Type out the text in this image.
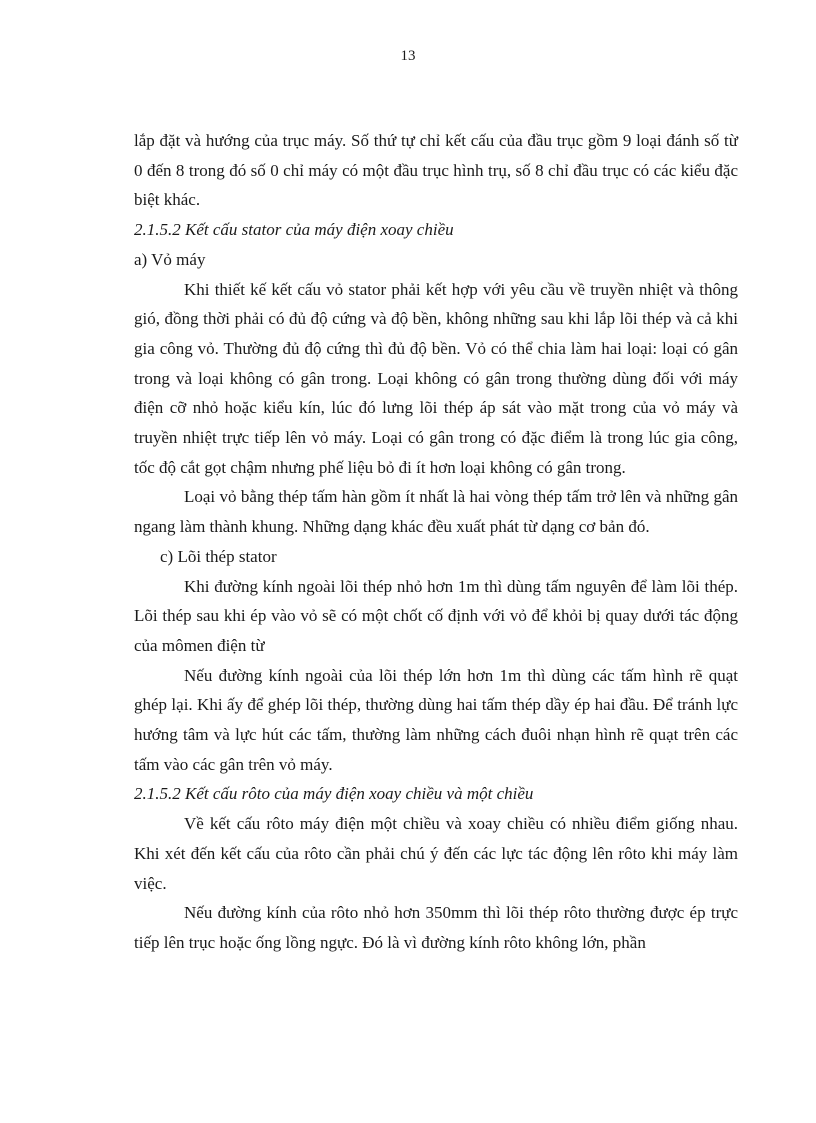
13

lắp đặt và hướng của trục máy. Số thứ tự chỉ kết cấu của đầu trục gồm 9 loại đánh số từ 0 đến 8 trong đó số 0 chỉ máy có một đầu trục hình trụ, số 8 chỉ đầu trục có các kiểu đặc biệt khác.

2.1.5.2 Kết cấu stator của máy điện xoay chiều

a) Vỏ máy

Khi thiết kế kết cấu vỏ stator phải kết hợp với yêu cầu về truyền nhiệt và thông gió, đồng thời phải có đủ độ cứng và độ bền, không những sau khi lắp lõi thép và cả khi gia công vỏ. Thường đủ độ cứng thì đủ độ bền. Vỏ có thể chia làm hai loại: loại có gân trong và loại không có gân trong. Loại không có gân trong thường dùng đối với máy điện cỡ nhỏ hoặc kiểu kín, lúc đó lưng lõi thép áp sát vào mặt trong của vỏ máy và truyền nhiệt trực tiếp lên vỏ máy. Loại có gân trong có đặc điểm là trong lúc gia công, tốc độ cắt gọt chậm nhưng phế liệu bỏ đi ít hơn loại không có gân trong.

Loại vỏ bằng thép tấm hàn gồm ít nhất là hai vòng thép tấm trở lên và những gân ngang làm thành khung. Những dạng khác đều xuất phát từ dạng cơ bản đó.

c) Lõi thép stator

Khi đường kính ngoài lõi thép nhỏ hơn 1m thì dùng tấm nguyên để làm lõi thép. Lõi thép sau khi ép vào vỏ sẽ có một chốt cố định với vỏ để khỏi bị quay dưới tác động của mômen điện từ

Nếu đường kính ngoài của lõi thép lớn hơn 1m thì dùng các tấm hình rẽ quạt ghép lại. Khi ấy để ghép lõi thép, thường dùng hai tấm thép dầy ép hai đầu. Để tránh lực hướng tâm và lực hút các tấm, thường làm những cách đuôi nhạn hình rẽ quạt trên các tấm vào các gân trên vỏ máy.

2.1.5.2 Kết cấu rôto của máy điện xoay chiều và một chiều

Về kết cấu rôto máy điện một chiều và xoay chiều có nhiều điểm giống nhau. Khi xét đến kết cấu của rôto cần phải chú ý đến các lực tác động lên rôto khi máy làm việc.

Nếu đường kính của rôto nhỏ hơn 350mm thì lõi thép rôto thường được ép trực tiếp lên trục hoặc ống lồng ngực. Đó là vì đường kính rôto không lớn, phần
